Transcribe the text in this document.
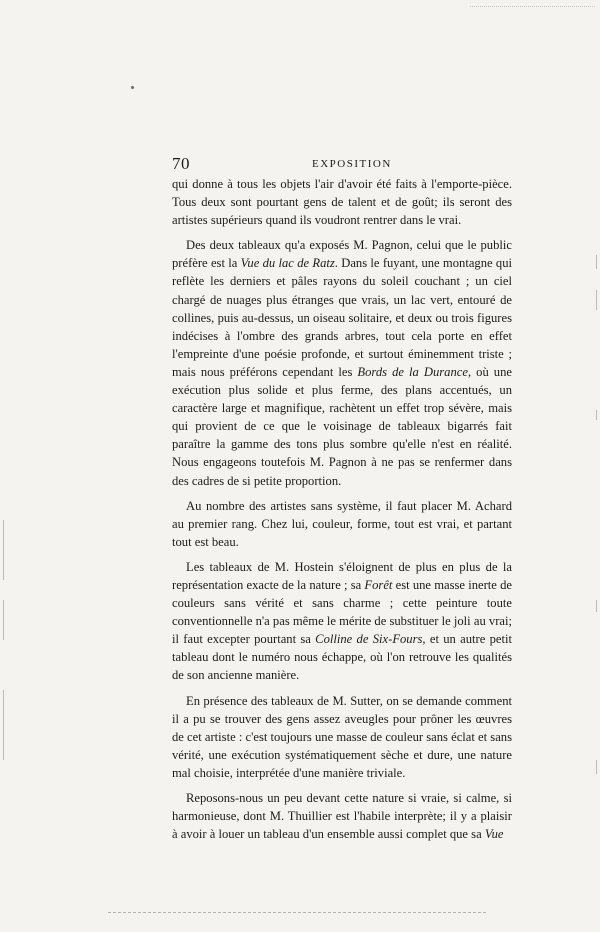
70	EXPOSITION

qui donne à tous les objets l'air d'avoir été faits à l'emporte-pièce. Tous deux sont pourtant gens de talent et de goût; ils seront des artistes supérieurs quand ils voudront rentrer dans le vrai.

Des deux tableaux qu'a exposés M. Pagnon, celui que le public préfère est la Vue du lac de Ratz. Dans le fuyant, une montagne qui reflète les derniers et pâles rayons du soleil couchant ; un ciel chargé de nuages plus étranges que vrais, un lac vert, entouré de collines, puis au-dessus, un oiseau solitaire, et deux ou trois figures indécises à l'ombre des grands arbres, tout cela porte en effet l'empreinte d'une poésie profonde, et surtout éminemment triste ; mais nous préférons cependant les Bords de la Durance, où une exécution plus solide et plus ferme, des plans accentués, un caractère large et magnifique, rachètent un effet trop sévère, mais qui provient de ce que le voisinage de tableaux bigarrés fait paraître la gamme des tons plus sombre qu'elle n'est en réalité. Nous engageons toutefois M. Pagnon à ne pas se renfermer dans des cadres de si petite proportion.

Au nombre des artistes sans système, il faut placer M. Achard au premier rang. Chez lui, couleur, forme, tout est vrai, et partant tout est beau.

Les tableaux de M. Hostein s'éloignent de plus en plus de la représentation exacte de la nature ; sa Forêt est une masse inerte de couleurs sans vérité et sans charme ; cette peinture toute conventionnelle n'a pas même le mérite de substituer le joli au vrai; il faut excepter pourtant sa Colline de Six-Fours, et un autre petit tableau dont le numéro nous échappe, où l'on retrouve les qualités de son ancienne manière.

En présence des tableaux de M. Sutter, on se demande comment il a pu se trouver des gens assez aveugles pour prôner les œuvres de cet artiste : c'est toujours une masse de couleur sans éclat et sans vérité, une exécution systématiquement sèche et dure, une nature mal choisie, interprétée d'une manière triviale.

Reposons-nous un peu devant cette nature si vraie, si calme, si harmonieuse, dont M. Thuillier est l'habile interprète; il y a plaisir à avoir à louer un tableau d'un ensemble aussi complet que sa Vue
